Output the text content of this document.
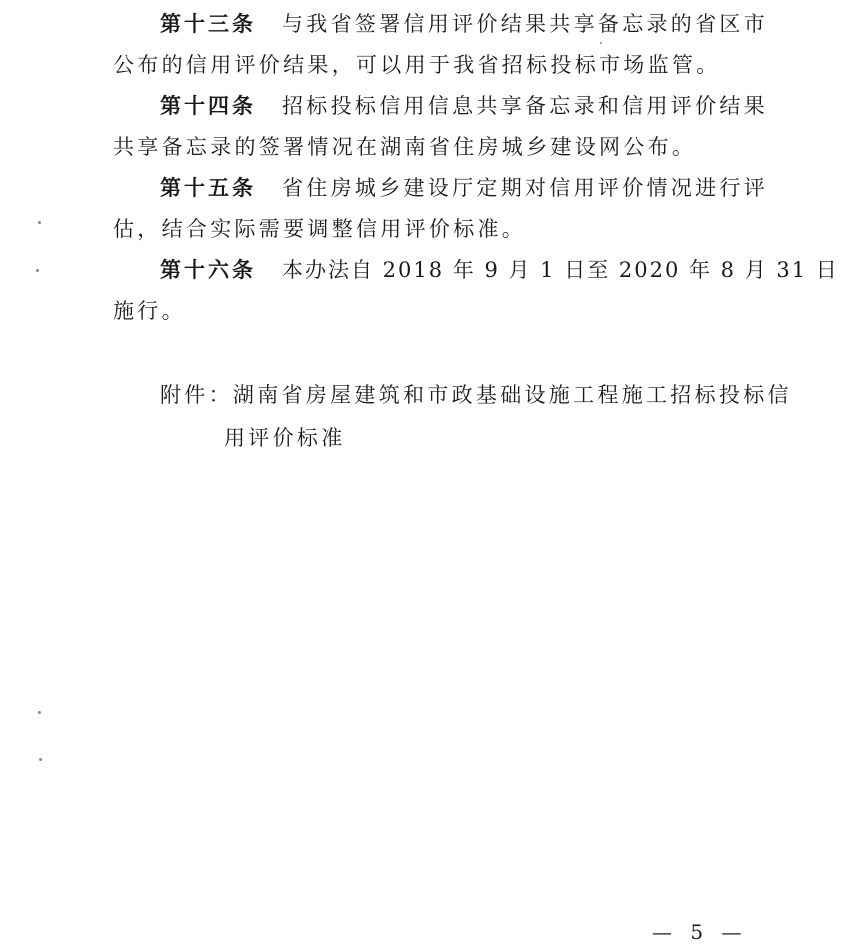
第十三条 与我省签署信用评价结果共享备忘录的省区市
公布的信用评价结果，可以用于我省招标投标市场监管。
第十四条 招标投标信用信息共享备忘录和信用评价结果
共享备忘录的签署情况在湖南省住房城乡建设网公布。
第十五条 省住房城乡建设厅定期对信用评价情况进行评
估，结合实际需要调整信用评价标准。
第十六条 本办法自 2018 年 9 月 1 日至 2020 年 8 月 31 日
施行。
附件：湖南省房屋建筑和市政基础设施工程施工招标投标信
用评价标准
— 5 —
